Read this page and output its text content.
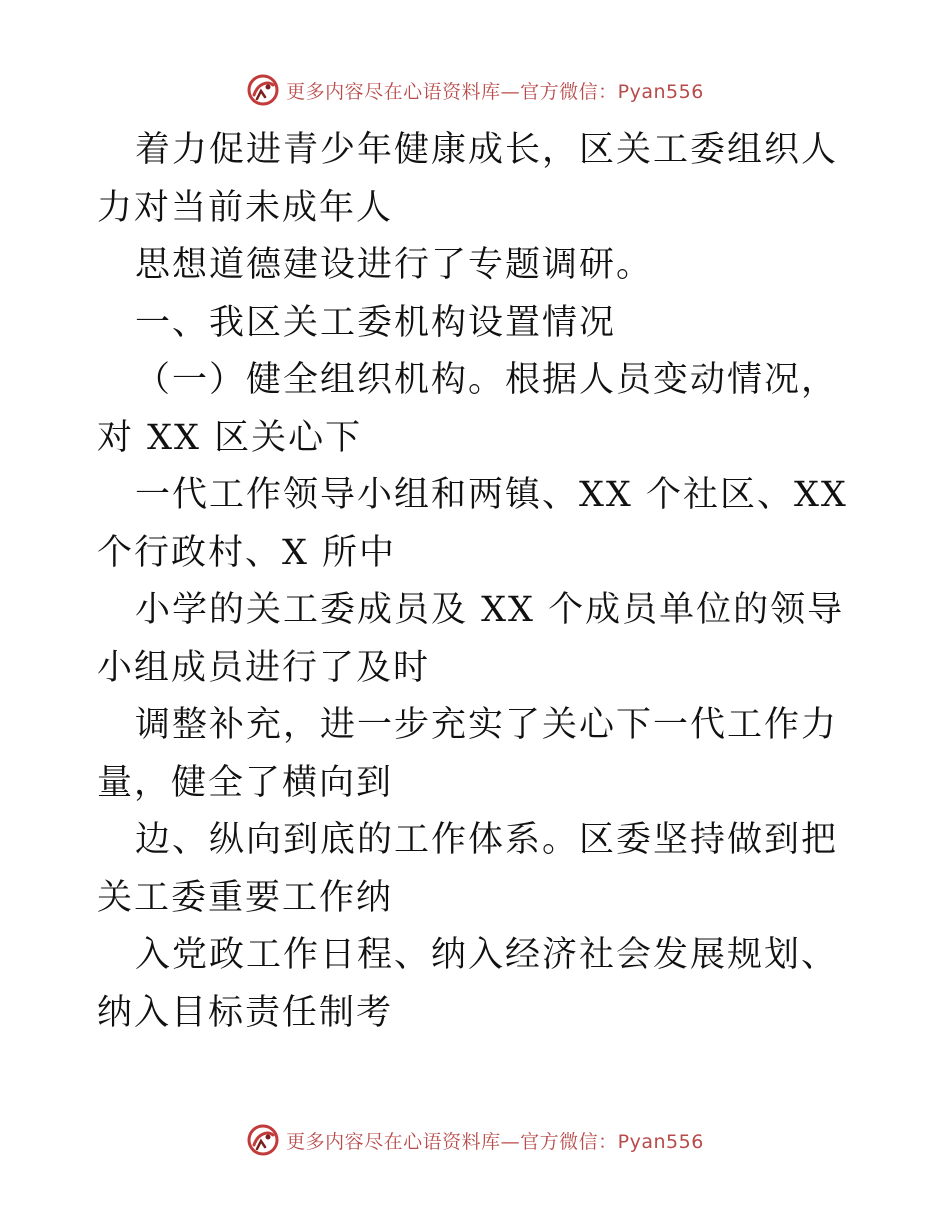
更多内容尽在心语资料库—官方微信：Pyan556

着力促进青少年健康成长，区关工委组织人力对当前未成年人

思想道德建设进行了专题调研。

一、我区关工委机构设置情况

（一）健全组织机构。根据人员变动情况，对 XX 区关心下

一代工作领导小组和两镇、XX 个社区、XX 个行政村、X 所中

小学的关工委成员及 XX 个成员单位的领导小组成员进行了及时

调整补充，进一步充实了关心下一代工作力量，健全了横向到

边、纵向到底的工作体系。区委坚持做到把关工委重要工作纳

入党政工作日程、纳入经济社会发展规划、纳入目标责任制考

更多内容尽在心语资料库—官方微信：Pyan556
